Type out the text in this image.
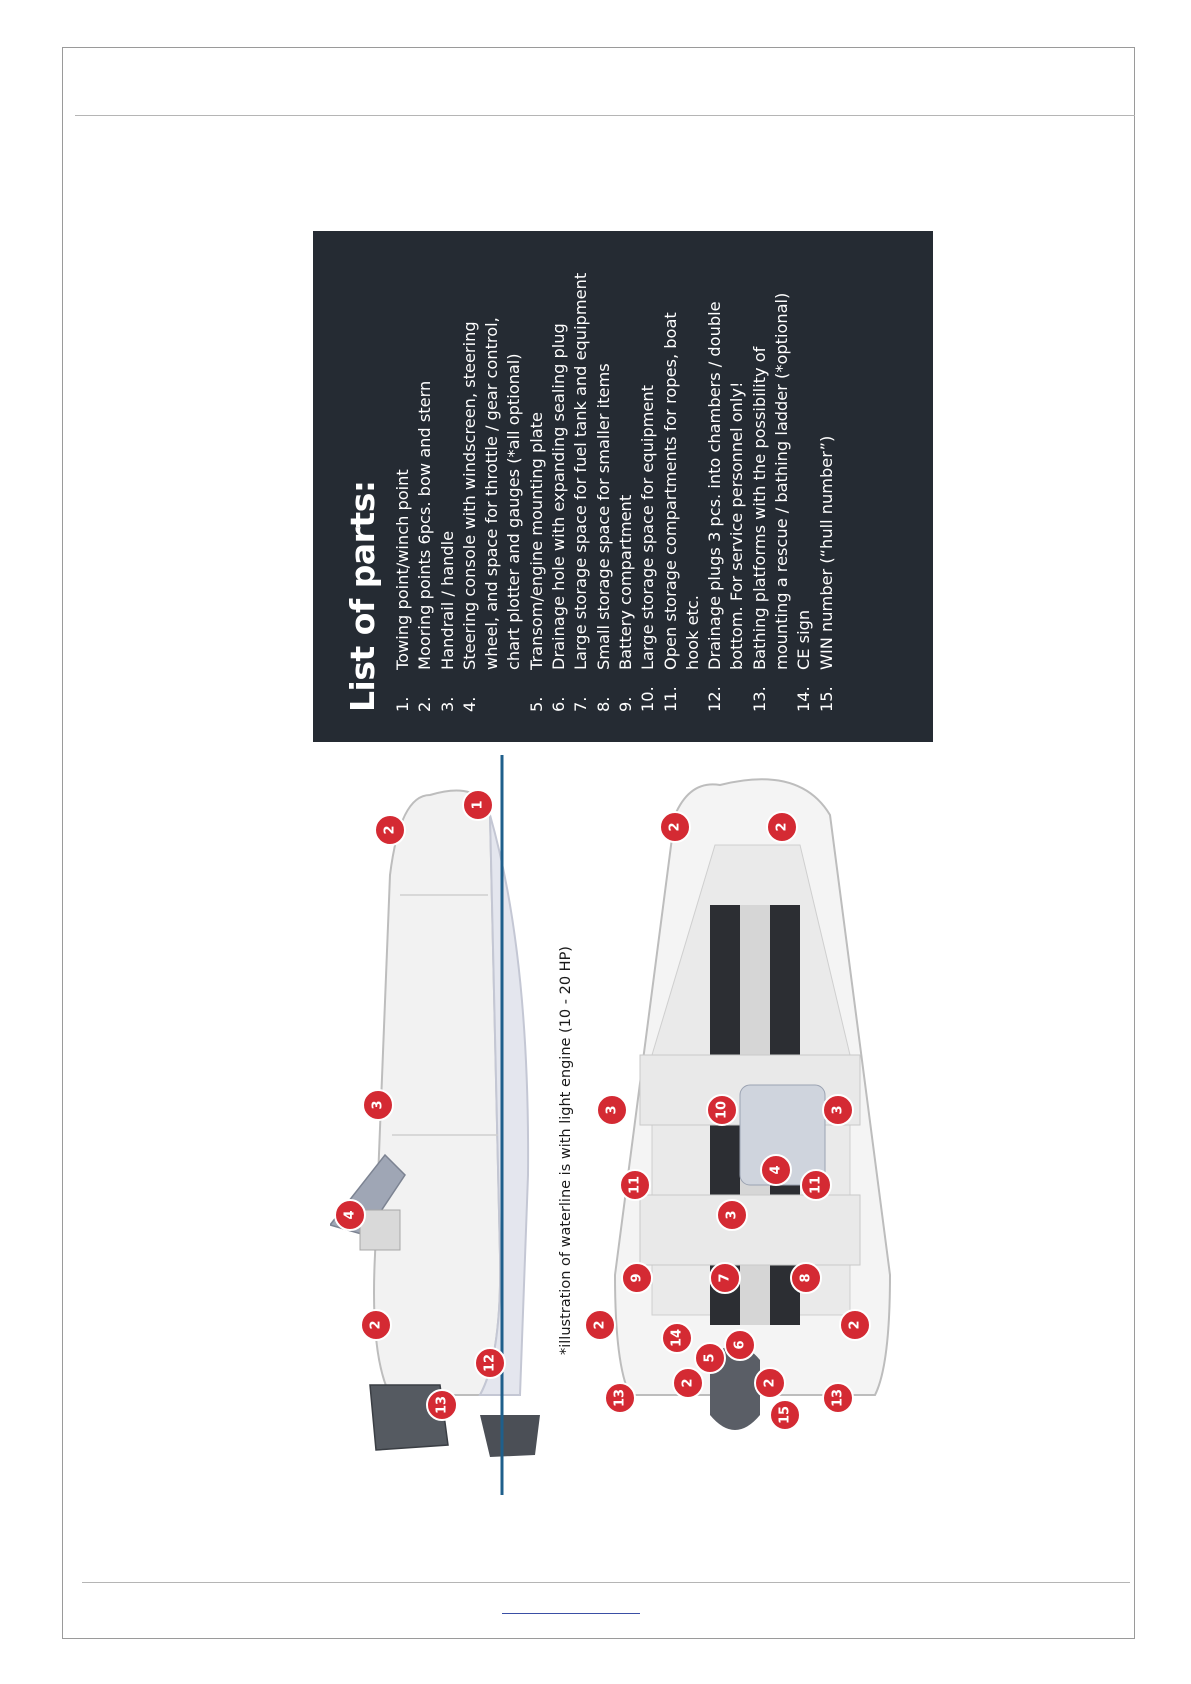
List of parts: 1.
Towing point/winch point
2.
Mooring points 6pcs. bow and stern
3.
Handrail / handle
4.
Steering console with windscreen, steering wheel, and space for throttle / gear control, chart plotter and gauges (*all optional)
5.
Transom/engine mounting plate
6.
Drainage hole with expanding sealing plug
7.
Large storage space for fuel tank and equipment
8.
Small storage space for smaller items
9.
Battery compartment
10.
Large storage space for equipment
11.
Open storage compartments for ropes, boat hook etc.
12.
Drainage plugs 3 pcs. into chambers / double bottom. For service personnel only!
13.
Bathing platforms with the possibility of mounting a rescue / bathing ladder (*optional)
14.
CE sign
15.
WIN number (“hull number”)
1
2
3
4
2
12
13
2	2
3	10	3
11
4
11
3
9	7	8
2
14	6
5
2	2
2
13
15
13
*illustration of waterline is with light engine (10 - 20 HP)
